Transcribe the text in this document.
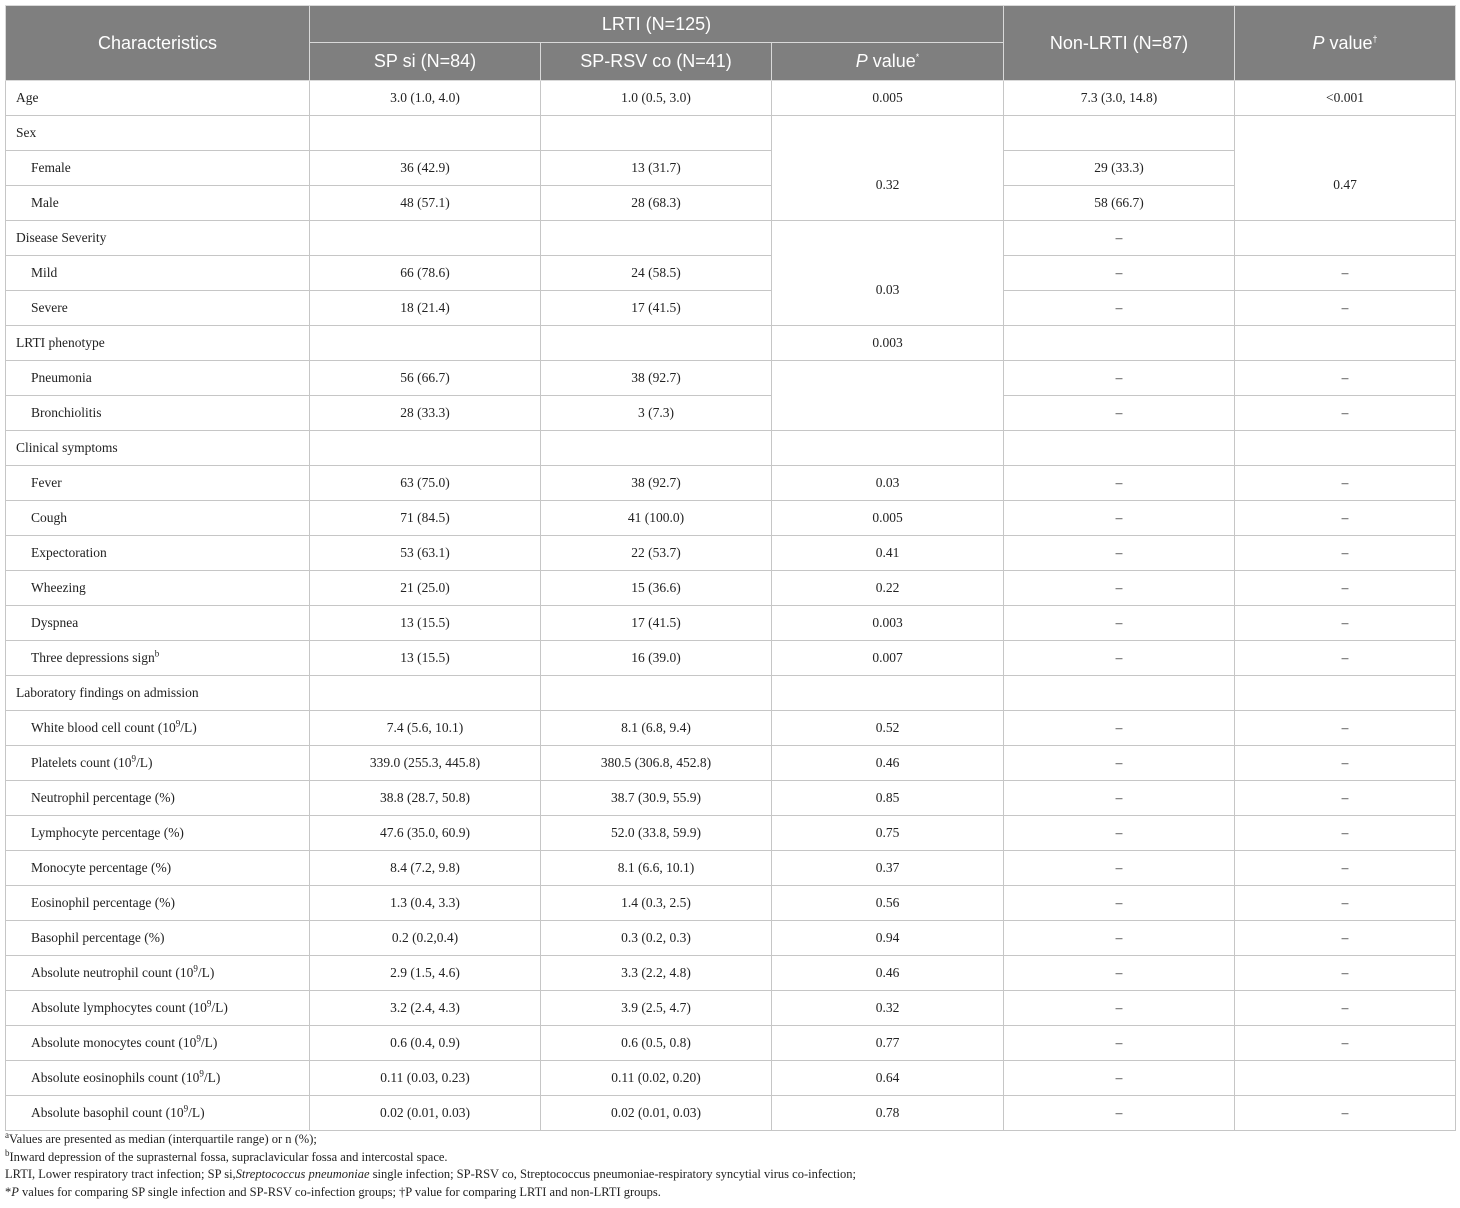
Characteristics	LRTI (N=125)			Non-LRTI (N=87)	P value†
	SP si (N=84)	SP-RSV co (N=41)	P value*
Age	3.0 (1.0, 4.0)	1.0 (0.5, 3.0)	0.005	7.3 (3.0, 14.8)	<0.001
Sex					
Female	36 (42.9)	13 (31.7)	0.32	29 (33.3)	0.47
Male	48 (57.1)	28 (68.3)		58 (66.7)	
Disease Severity				–	
Mild	66 (78.6)	24 (58.5)	0.03	–	–
Severe	18 (21.4)	17 (41.5)		–	–
LRTI phenotype			0.003		
Pneumonia	56 (66.7)	38 (92.7)		–	–
Bronchiolitis	28 (33.3)	3 (7.3)		–	–
Clinical symptoms					
Fever	63 (75.0)	38 (92.7)	0.03	–	–
Cough	71 (84.5)	41 (100.0)	0.005	–	–
Expectoration	53 (63.1)	22 (53.7)	0.41	–	–
Wheezing	21 (25.0)	15 (36.6)	0.22	–	–
Dyspnea	13 (15.5)	17 (41.5)	0.003	–	–
Three depressions sign$^b$	13 (15.5)	16 (39.0)	0.007	–	–
Laboratory findings on admission					
White blood cell count $(10^9/L)$	7.4 (5.6, 10.1)	8.1 (6.8, 9.4)	0.52	–	–
Platelets count $(10^9/L)$	339.0 (255.3, 445.8)	380.5 (306.8, 452.8)	0.46	–	–
Neutrophil percentage (%)	38.8 (28.7, 50.8)	38.7 (30.9, 55.9)	0.85	–	–
Lymphocyte percentage (%)	47.6 (35.0, 60.9)	52.0 (33.8, 59.9)	0.75	–	–
Monocyte percentage (%)	8.4 (7.2, 9.8)	8.1 (6.6, 10.1)	0.37	–	–
Eosinophil percentage (%)	1.3 (0.4, 3.3)	1.4 (0.3, 2.5)	0.56	–	–
Basophil percentage (%)	0.2 (0.2,0.4)	0.3 (0.2, 0.3)	0.94	–	–
Absolute neutrophil count $(10^9/L)$	2.9 (1.5, 4.6)	3.3 (2.2, 4.8)	0.46	–	–
Absolute lymphocytes count $(10^9/L)$	3.2 (2.4, 4.3)	3.9 (2.5, 4.7)	0.32	–	–
Absolute monocytes count $(10^9/L)$	0.6 (0.4, 0.9)	0.6 (0.5, 0.8)	0.77	–	–
Absolute eosinophils count $(10^9/L)$	0.11 (0.03, 0.23)	0.11 (0.02, 0.20)	0.64	–	
Absolute basophil count $(10^9/L)$	0.02 (0.01, 0.03)	0.02 (0.01, 0.03)	0.78	–	–
$^a$Values are presented as median (interquartile range) or n (%);
$^b$Inward depression of the suprasternal fossa, supraclavicular fossa and intercostal space.
LRTI, Lower respiratory tract infection; SP si,Streptococcus pneumoniae single infection; SP-RSV co, Streptococcus pneumoniae-respiratory syncytial virus co-infection;
*P values for comparing SP single infection and SP-RSV co-infection groups; †P value for comparing LRTI and non-LRTI groups.
